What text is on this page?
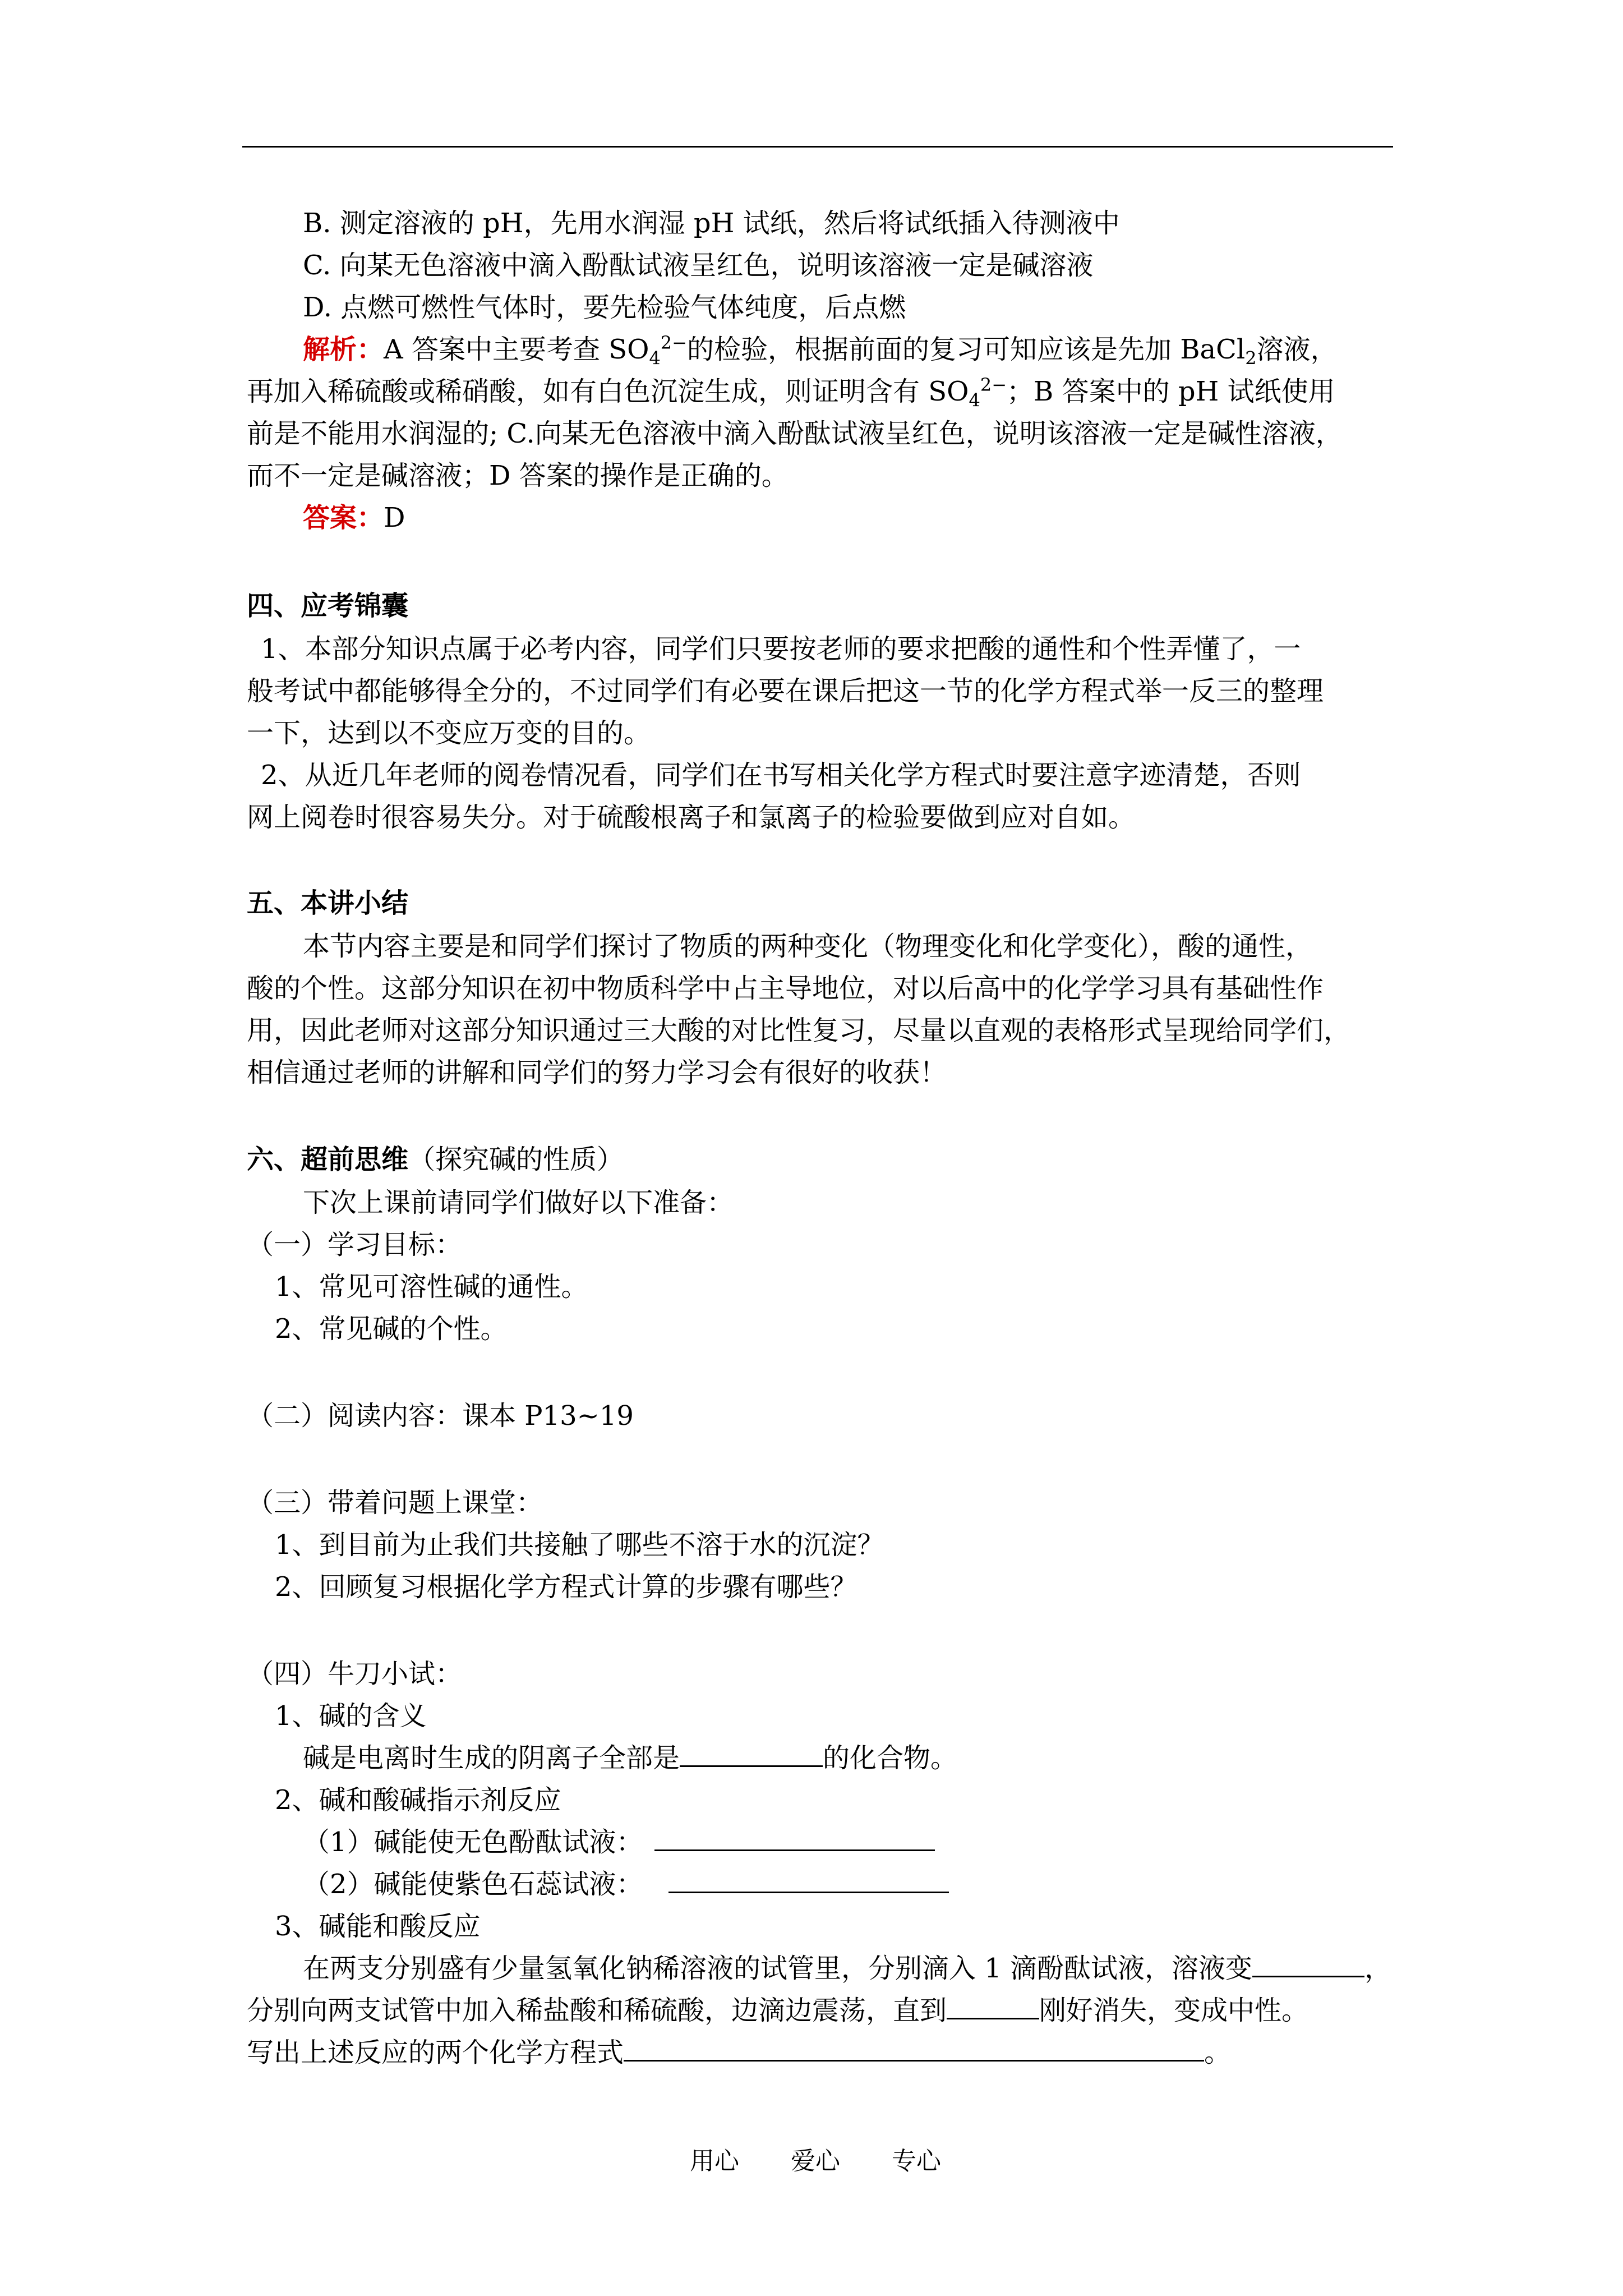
B. 测定溶液的 pH，先用水润湿 pH 试纸，然后将试纸插入待测液中
C. 向某无色溶液中滴入酚酞试液呈红色，说明该溶液一定是碱溶液
D. 点燃可燃性气体时，要先检验气体纯度，后点燃
解析：A 答案中主要考查 $SO_4^{2-}$的检验，根据前面的复习可知应该是先加 BaCl$_2$溶液，
再加入稀硫酸或稀硝酸，如有白色沉淀生成，则证明含有 $SO_4^{2-}$；B 答案中的 pH 试纸使用
前是不能用水润湿的; C.向某无色溶液中滴入酚酞试液呈红色，说明该溶液一定是碱性溶液，
而不一定是碱溶液；D 答案的操作是正确的。
答案：D
四、应考锦囊
1、本部分知识点属于必考内容，同学们只要按老师的要求把酸的通性和个性弄懂了，一
般考试中都能够得全分的，不过同学们有必要在课后把这一节的化学方程式举一反三的整理
一下，达到以不变应万变的目的。
2、从近几年老师的阅卷情况看，同学们在书写相关化学方程式时要注意字迹清楚，否则
网上阅卷时很容易失分。对于硫酸根离子和氯离子的检验要做到应对自如。
五、本讲小结
本节内容主要是和同学们探讨了物质的两种变化（物理变化和化学变化），酸的通性，
酸的个性。这部分知识在初中物质科学中占主导地位，对以后高中的化学学习具有基础性作
用，因此老师对这部分知识通过三大酸的对比性复习，尽量以直观的表格形式呈现给同学们，
相信通过老师的讲解和同学们的努力学习会有很好的收获！
六、超前思维（探究碱的性质）
下次上课前请同学们做好以下准备：
（一）学习目标：
1、常见可溶性碱的通性。
2、常见碱的个性。
（二）阅读内容：课本 P13~19
（三）带着问题上课堂：
1、到目前为止我们共接触了哪些不溶于水的沉淀？
2、回顾复习根据化学方程式计算的步骤有哪些？
（四）牛刀小试：
1、碱的含义
碱是电离时生成的阴离子全部是	的化合物。
2、碱和酸碱指示剂反应
（1）碱能使无色酚酞试液：
（2）碱能使紫色石蕊试液：
3、碱能和酸反应
在两支分别盛有少量氢氧化钠稀溶液的试管里，分别滴入 1 滴酚酞试液，溶液变	，
分别向两支试管中加入稀盐酸和稀硫酸，边滴边震荡，直到	刚好消失，变成中性。
写出上述反应的两个化学方程式	。
用心 爱心 专心
